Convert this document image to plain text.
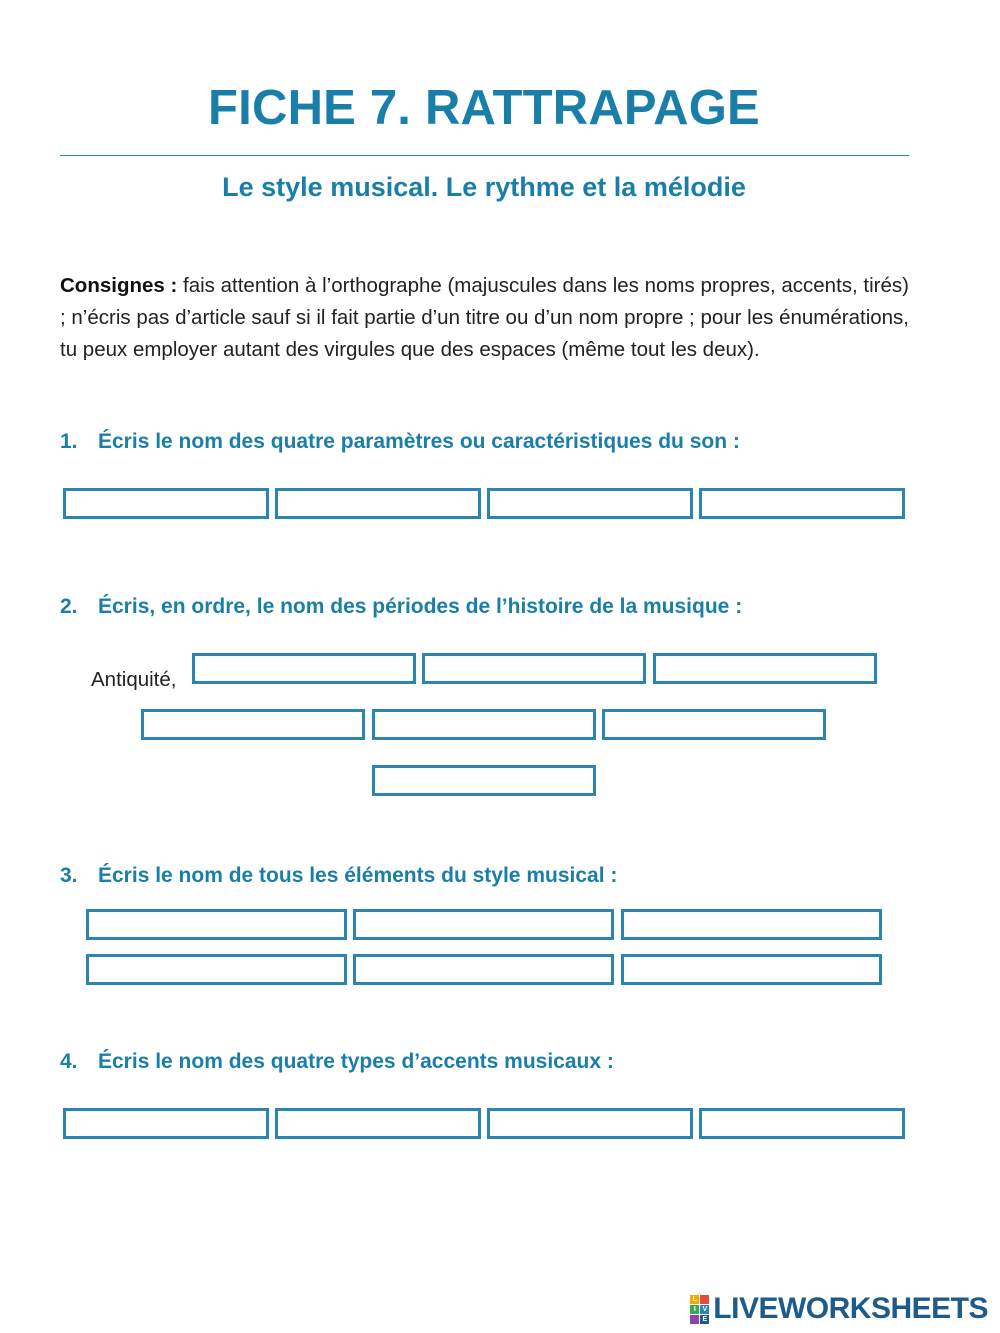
FICHE 7. RATTRAPAGE
Le style musical. Le rythme et la mélodie
Consignes : fais attention à l’orthographe (majuscules dans les noms propres, accents, tirés) ; n’écris pas d’article sauf si il fait partie d’un titre ou d’un nom propre ; pour les énumérations, tu peux employer autant des virgules que des espaces (même tout les deux).
1. Écris le nom des quatre paramètres ou caractéristiques du son :
2. Écris, en ordre, le nom des périodes de l’histoire de la musique :
Antiquité,
3. Écris le nom de tous les éléments du style musical :
4. Écris le nom des quatre types d’accents musicaux :
L
I V
E LIVEWORKSHEETS
